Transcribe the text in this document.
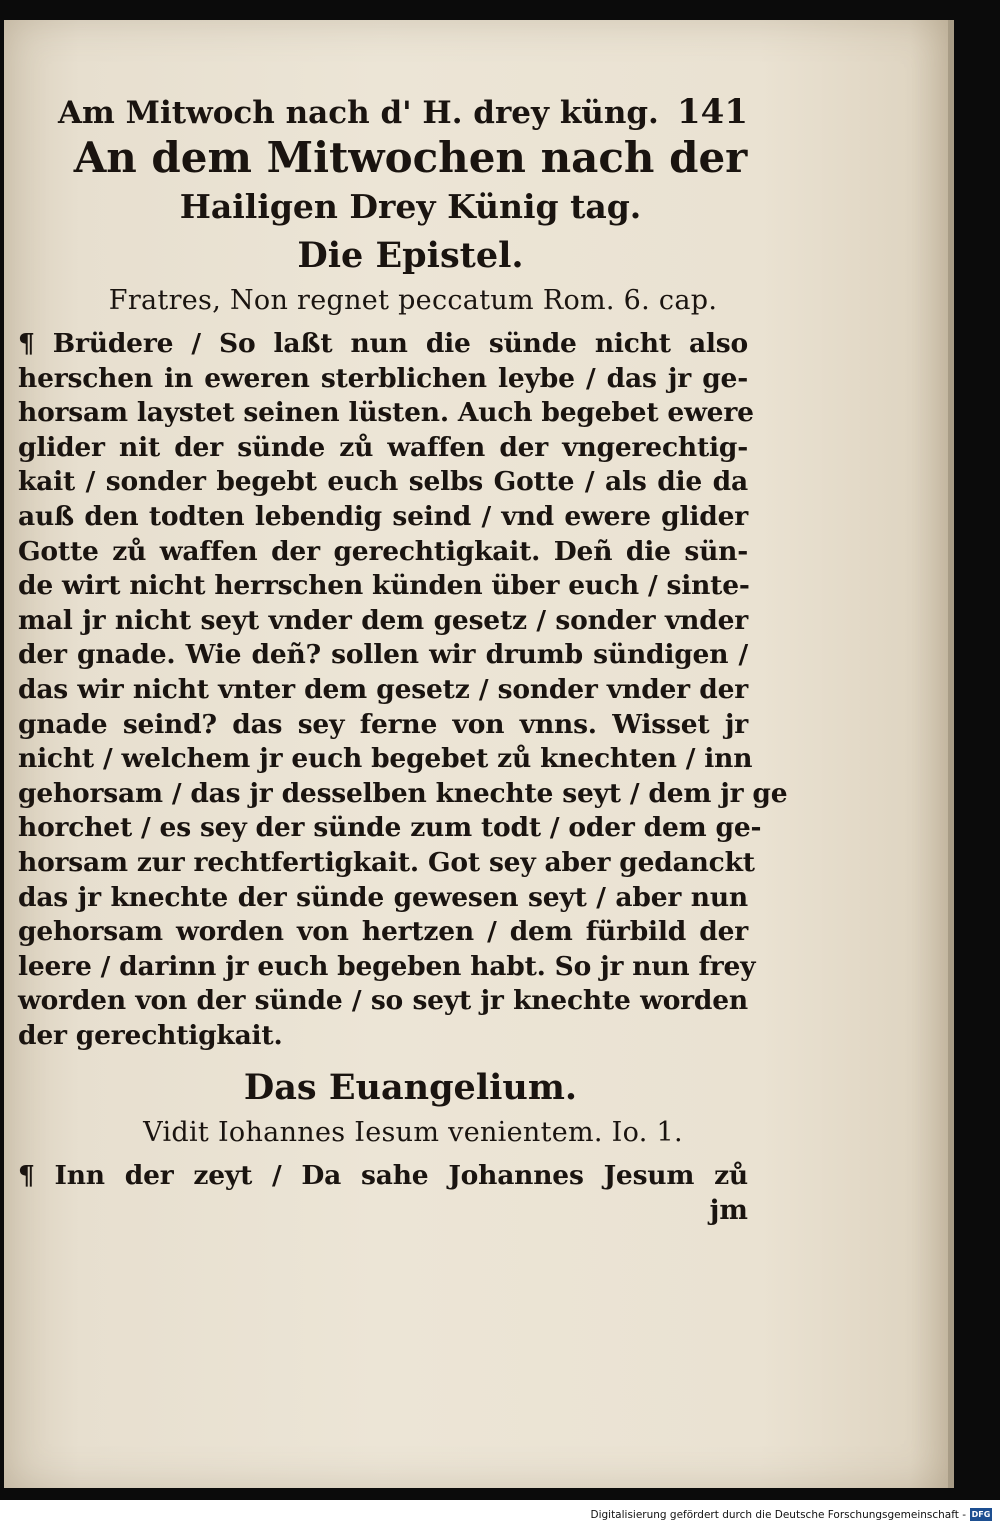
Am Mitwoch nach d' H. drey küng. 141
An dem Mitwochen nach der
Hailigen Drey Künig tag.
Die Epistel.
Fratres, Non regnet peccatum Rom. 6. cap.
¶ Brüdere / So laßt nun die sünde nicht also
herschen in eweren sterblichen leybe / das jr ge-
horsam laystet seinen lüsten. Auch begebet ewere
glider nit der sünde zů waffen der vngerechtig-
kait / sonder begebt euch selbs Gotte / als die da
auß den todten lebendig seind / vnd ewere glider
Gotte zů waffen der gerechtigkait. Deñ die sün-
de wirt nicht herrschen künden über euch / sinte-
mal jr nicht seyt vnder dem gesetz / sonder vnder
der gnade. Wie deñ? sollen wir drumb sündigen /
das wir nicht vnter dem gesetz / sonder vnder der
gnade seind? das sey ferne von vnns. Wisset jr
nicht / welchem jr euch begebet zů knechten / inn
gehorsam / das jr desselben knechte seyt / dem jr ge
horchet / es sey der sünde zum todt / oder dem ge-
horsam zur rechtfertigkait. Got sey aber gedanckt
das jr knechte der sünde gewesen seyt / aber nun
gehorsam worden von hertzen / dem fürbild der
leere / darinn jr euch begeben habt. So jr nun frey
worden von der sünde / so seyt jr knechte worden
der gerechtigkait.
Das Euangelium.
Vidit Iohannes Iesum venientem. Io. 1.
¶ Inn der zeyt / Da sahe Johannes Jesum zů
jm
Digitalisierung gefördert durch die Deutsche Forschungsgemeinschaft - DFG
